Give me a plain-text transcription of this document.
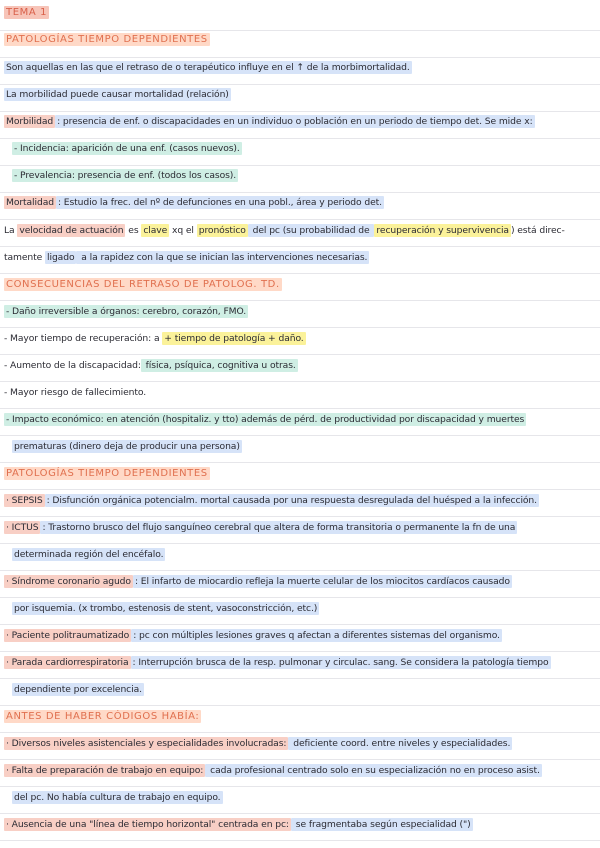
TEMA 1
PATOLOGÍAS TIEMPO DEPENDIENTES
Son aquellas en las que el retraso de o terapéutico influye en el ↑ de la morbimortalidad.
La morbilidad puede causar mortalidad (relación)
Morbilidad : presencia de enf. o discapacidades en un individuo o población en un periodo de tiempo det. Se mide x:
- Incidencia: aparición de una enf. (casos nuevos).
- Prevalencia: presencia de enf. (todos los casos).
Mortalidad : Estudio la frec. del nº de defunciones en una pobl., área y periodo det.
La velocidad de actuación es clave xq el pronóstico del pc (su probabilidad de recuperación y supervivencia ) está direc-
tamente ligado a la rapidez con la que se inician las intervenciones necesarias.
CONSECUENCIAS DEL RETRASO DE PATOLOG. TD.
- Daño irreversible a órganos: cerebro, corazón, FMO.
- Mayor tiempo de recuperación: a + tiempo de patología + daño.
- Aumento de la discapacidad: física, psíquica, cognitiva u otras.
- Mayor riesgo de fallecimiento.
- Impacto económico: en atención (hospitaliz. y tto) además de pérd. de productividad por discapacidad y muertes
prematuras (dinero deja de producir una persona)
PATOLOGÍAS TIEMPO DEPENDIENTES
· SEPSIS : Disfunción orgánica potencialm. mortal causada por una respuesta desregulada del huésped a la infección.
· ICTUS : Trastorno brusco del flujo sanguíneo cerebral que altera de forma transitoria o permanente la fn de una
determinada región del encéfalo.
· Síndrome coronario agudo : El infarto de miocardio refleja la muerte celular de los miocitos cardíacos causado
por isquemia. (x trombo, estenosis de stent, vasoconstricción, etc.)
· Paciente politraumatizado : pc con múltiples lesiones graves q afectan a diferentes sistemas del organismo.
· Parada cardiorrespiratoria : Interrupción brusca de la resp. pulmonar y circulac. sang. Se considera la patología tiempo
dependiente por excelencia.
ANTES DE HABER CÓDIGOS HABÍA:
· Diversos niveles asistenciales y especialidades involucradas: deficiente coord. entre niveles y especialidades.
· Falta de preparación de trabajo en equipo: cada profesional centrado solo en su especialización no en proceso asist.
del pc. No había cultura de trabajo en equipo.
· Ausencia de una "línea de tiempo horizontal" centrada en pc: se fragmentaba según especialidad (")
